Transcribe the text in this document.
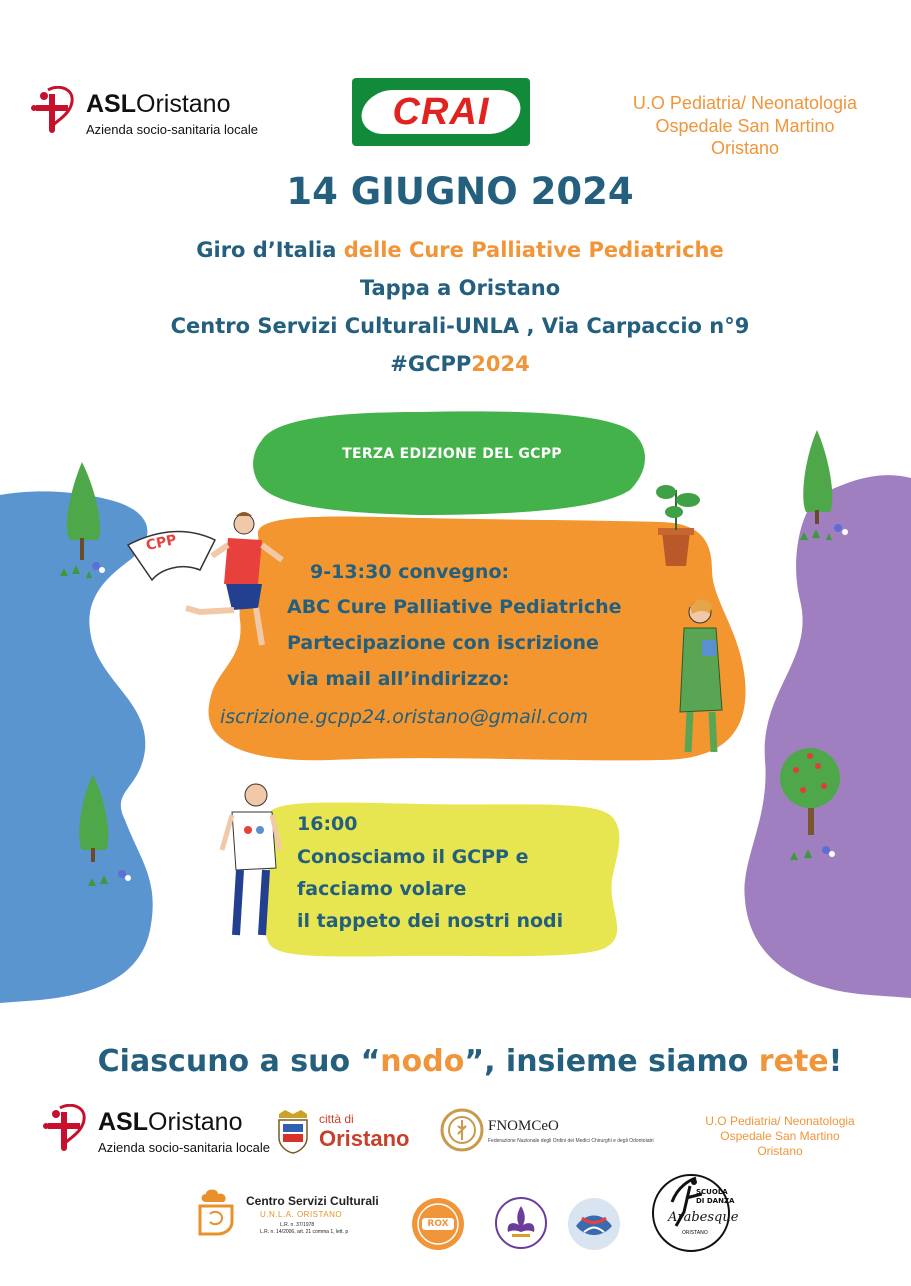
ASLOristano
Azienda socio-sanitaria locale	CRAI	U.O Pediatria/ Neonatologia
Ospedale San Martino
Oristano
14 GIUGNO 2024
Giro d’Italia delle Cure Palliative Pediatriche
Tappa a Oristano
Centro Servizi Culturali-UNLA , Via Carpaccio n°9
#GCPP2024
TERZA EDIZIONE DEL GCPP
CPP
9-13:30 convegno:
ABC Cure Palliative Pediatriche
Partecipazione con iscrizione
via mail all’indirizzo:
iscrizione.gcpp24.oristano@gmail.com
16:00
Conosciamo il GCPP e
facciamo volare
il tappeto dei nostri nodi
Ciascuno a suo “nodo”, insieme siamo rete!
ASLOristano
Azienda socio-sanitaria locale
città di
Oristano	FNOMCeO
Federazione Nazionale degli Ordini dei Medici Chirurghi e degli Odontoiatri
U.O Pediatria/ Neonatologia
Ospedale San Martino
Oristano
Centro Servizi Culturali
U.N.L.A. ORISTANO
L.R. n. 37/1978
L.R. n. 14/2006, art. 21 comma 1, lett. p
ROX
SCUOLA
DI DANZA
Arabesque
ORISTANO
